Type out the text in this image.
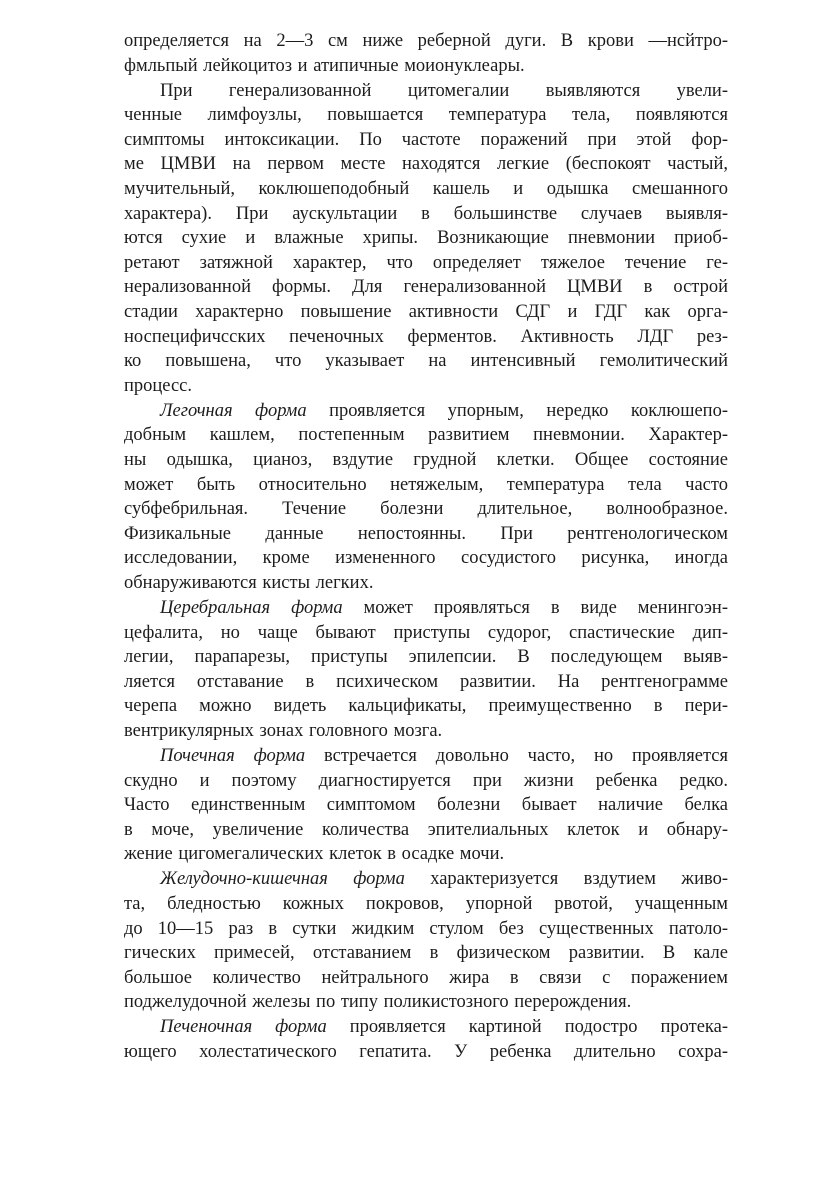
определяется на 2—3 см ниже реберной дуги. В крови —нсйтро-
фмльпый лейкоцитоз и атипичные моионуклеары.
При генерализованной цитомегалии выявляются увели-
ченные лимфоузлы, повышается температура тела, появляются
симптомы интоксикации. По частоте поражений при этой фор-
ме ЦМВИ на первом месте находятся легкие (беспокоят частый,
мучительный, коклюшеподобный кашель и одышка смешанного
характера). При аускультации в большинстве случаев выявля-
ются сухие и влажные хрипы. Возникающие пневмонии приоб-
ретают затяжной характер, что определяет тяжелое течение ге-
нерализованной формы. Для генерализованной ЦМВИ в острой
стадии характерно повышение активности СДГ и ГДГ как орга-
носпецифичсских печеночных ферментов. Активность ЛДГ рез-
ко повышена, что указывает на интенсивный гемолитический
процесс.
Легочная форма проявляется упорным, нередко коклюшепо-
добным кашлем, постепенным развитием пневмонии. Характер-
ны одышка, цианоз, вздутие грудной клетки. Общее состояние
может быть относительно нетяжелым, температура тела часто
субфебрильная. Течение болезни длительное, волнообразное.
Физикальные данные непостоянны. При рентгенологическом
исследовании, кроме измененного сосудистого рисунка, иногда
обнаруживаются кисты легких.
Церебральная форма может проявляться в виде менингоэн-
цефалита, но чаще бывают приступы судорог, спастические дип-
легии, парапарезы, приступы эпилепсии. В последующем выяв-
ляется отставание в психическом развитии. На рентгенограмме
черепа можно видеть кальцификаты, преимущественно в пери-
вентрикулярных зонах головного мозга.
Почечная форма встречается довольно часто, но проявляется
скудно и поэтому диагностируется при жизни ребенка редко.
Часто единственным симптомом болезни бывает наличие белка
в моче, увеличение количества эпителиальных клеток и обнару-
жение цигомегалических клеток в осадке мочи.
Желудочно-кишечная форма характеризуется вздутием живо-
та, бледностью кожных покровов, упорной рвотой, учащенным
до 10—15 раз в сутки жидким стулом без существенных патоло-
гических примесей, отставанием в физическом развитии. В кале
большое количество нейтрального жира в связи с поражением
поджелудочной железы по типу поликистозного перерождения.
Печеночная форма проявляется картиной подостро протека-
ющего холестатического гепатита. У ребенка длительно сохра-
